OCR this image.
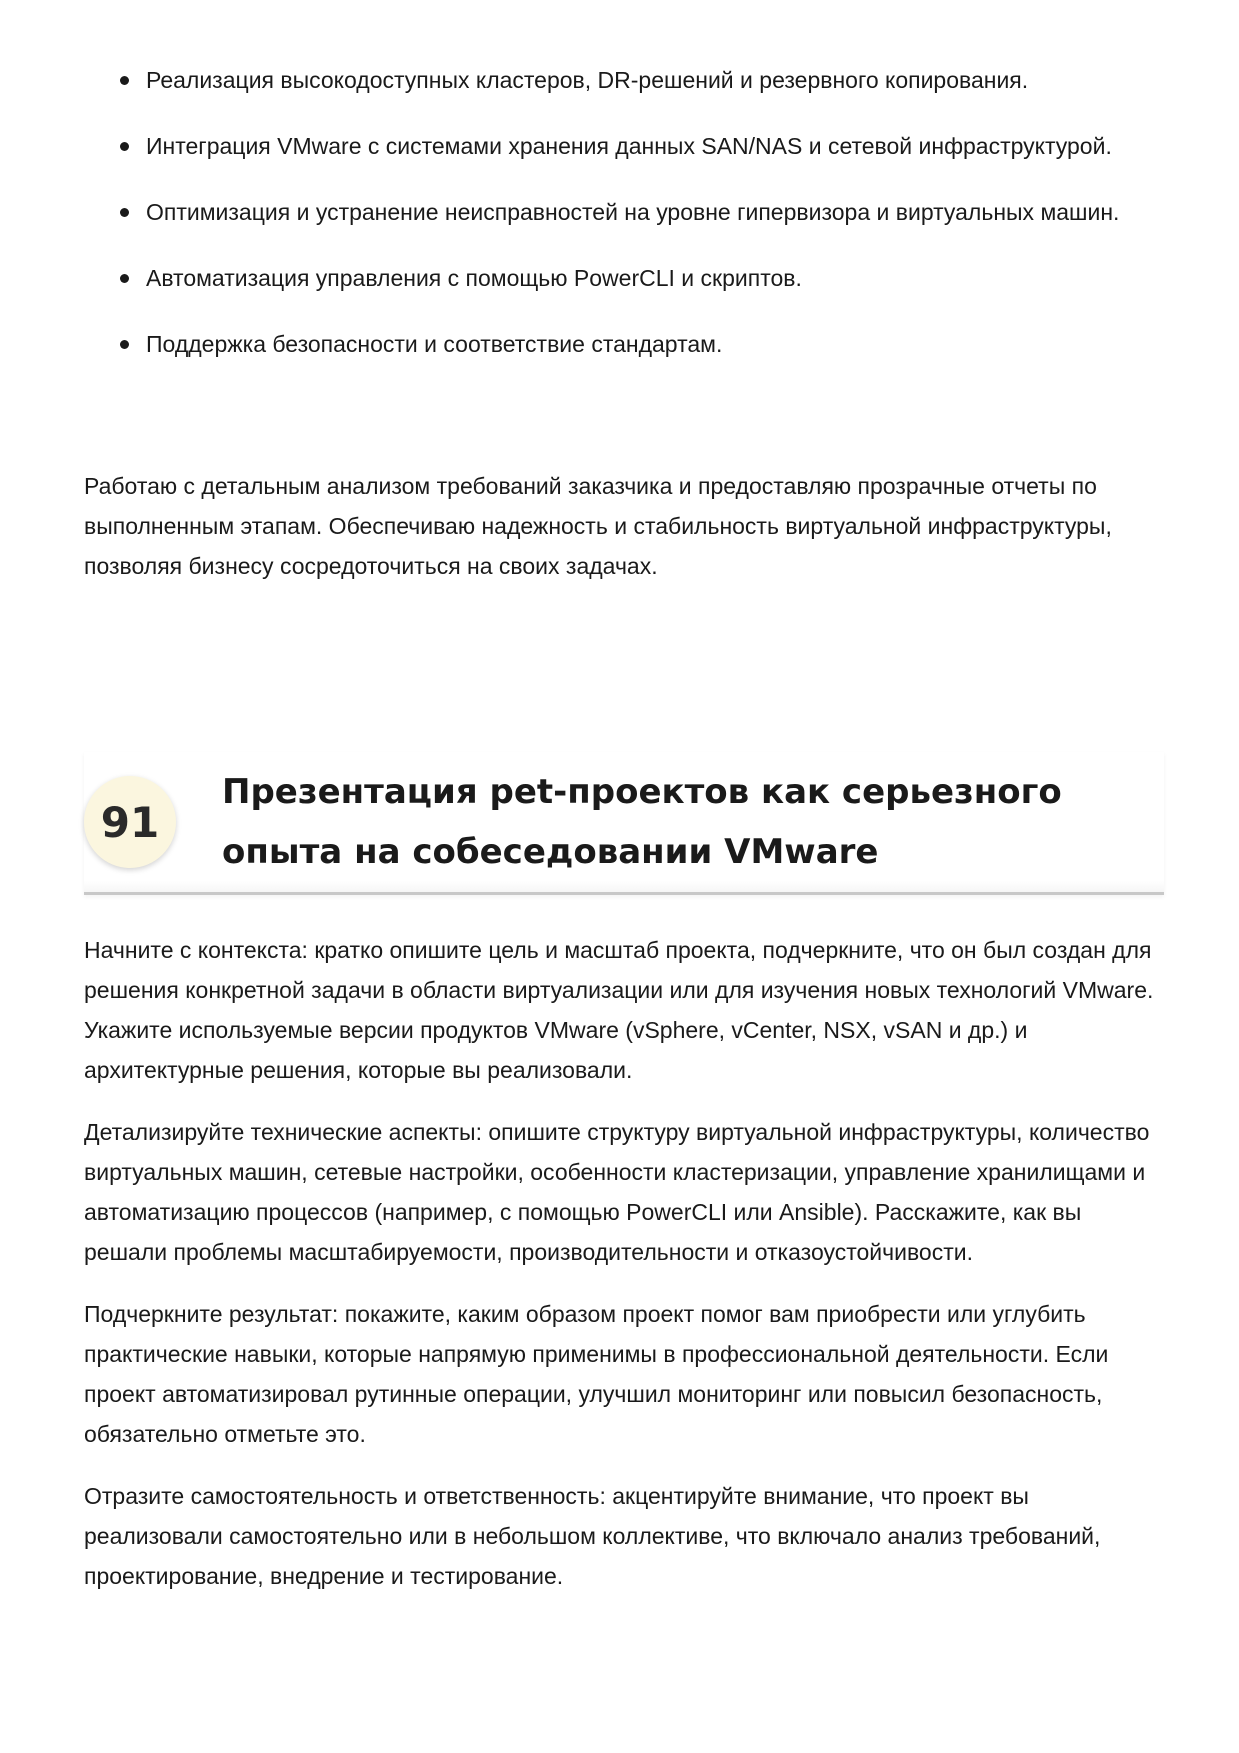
Реализация высокодоступных кластеров, DR-решений и резервного копирования.
Интеграция VMware с системами хранения данных SAN/NAS и сетевой инфраструктурой.
Оптимизация и устранение неисправностей на уровне гипервизора и виртуальных машин.
Автоматизация управления с помощью PowerCLI и скриптов.
Поддержка безопасности и соответствие стандартам.

Работаю с детальным анализом требований заказчика и предоставляю прозрачные отчеты по выполненным этапам. Обеспечиваю надежность и стабильность виртуальной инфраструктуры, позволяя бизнесу сосредоточиться на своих задачах.

91
Презентация pet-проектов как серьезного опыта на собеседовании VMware

Начните с контекста: кратко опишите цель и масштаб проекта, подчеркните, что он был создан для решения конкретной задачи в области виртуализации или для изучения новых технологий VMware. Укажите используемые версии продуктов VMware (vSphere, vCenter, NSX, vSAN и др.) и архитектурные решения, которые вы реализовали.

Детализируйте технические аспекты: опишите структуру виртуальной инфраструктуры, количество виртуальных машин, сетевые настройки, особенности кластеризации, управление хранилищами и автоматизацию процессов (например, с помощью PowerCLI или Ansible). Расскажите, как вы решали проблемы масштабируемости, производительности и отказоустойчивости.

Подчеркните результат: покажите, каким образом проект помог вам приобрести или углубить практические навыки, которые напрямую применимы в профессиональной деятельности. Если проект автоматизировал рутинные операции, улучшил мониторинг или повысил безопасность, обязательно отметьте это.

Отразите самостоятельность и ответственность: акцентируйте внимание, что проект вы реализовали самостоятельно или в небольшом коллективе, что включало анализ требований, проектирование, внедрение и тестирование.
